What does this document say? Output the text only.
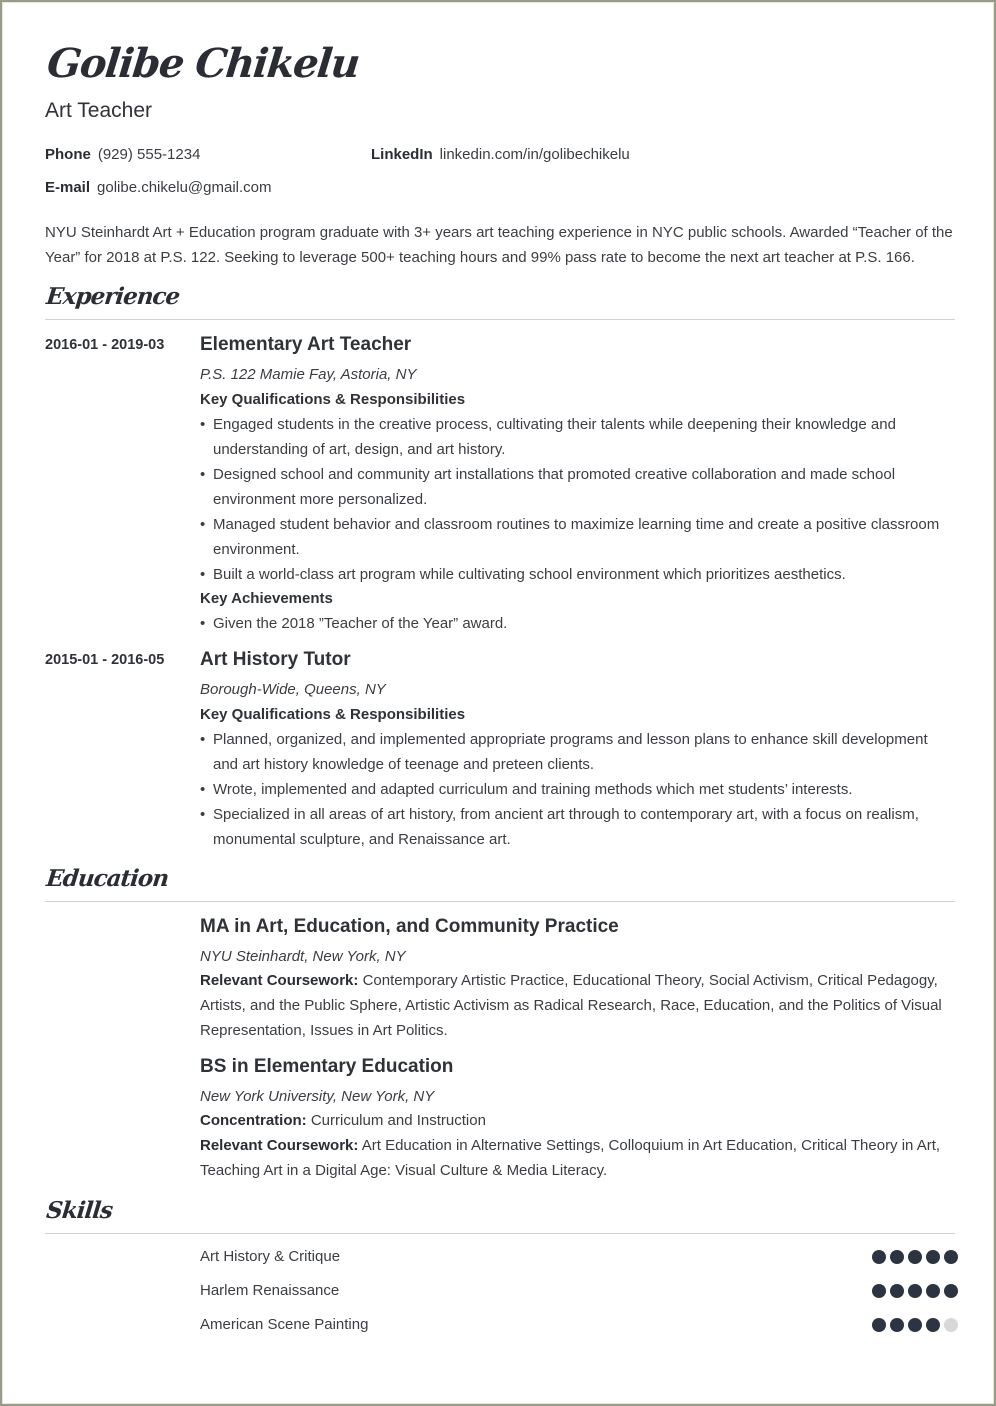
Golibe Chikelu
Art Teacher
Phone (929) 555-1234	LinkedIn linkedin.com/in/golibechikelu
E-mail golibe.chikelu@gmail.com
NYU Steinhardt Art + Education program graduate with 3+ years art teaching experience in NYC public schools. Awarded “Teacher of the Year” for 2018 at P.S. 122. Seeking to leverage 500+ teaching hours and 99% pass rate to become the next art teacher at P.S. 166.
Experience
2016-01 - 2019-03 Elementary Art Teacher
P.S. 122 Mamie Fay, Astoria, NY
Key Qualifications & Responsibilities
• Engaged students in the creative process, cultivating their talents while deepening their knowledge and understanding of art, design, and art history.
• Designed school and community art installations that promoted creative collaboration and made school environment more personalized.
• Managed student behavior and classroom routines to maximize learning time and create a positive classroom environment.
• Built a world-class art program while cultivating school environment which prioritizes aesthetics.
Key Achievements
• Given the 2018 ”Teacher of the Year” award.
2015-01 - 2016-05 Art History Tutor
Borough-Wide, Queens, NY
Key Qualifications & Responsibilities
• Planned, organized, and implemented appropriate programs and lesson plans to enhance skill development and art history knowledge of teenage and preteen clients.
• Wrote, implemented and adapted curriculum and training methods which met students’ interests.
• Specialized in all areas of art history, from ancient art through to contemporary art, with a focus on realism, monumental sculpture, and Renaissance art.
Education
MA in Art, Education, and Community Practice
NYU Steinhardt, New York, NY
Relevant Coursework: Contemporary Artistic Practice, Educational Theory, Social Activism, Critical Pedagogy, Artists, and the Public Sphere, Artistic Activism as Radical Research, Race, Education, and the Politics of Visual Representation, Issues in Art Politics.
BS in Elementary Education
New York University, New York, NY
Concentration: Curriculum and Instruction
Relevant Coursework: Art Education in Alternative Settings, Colloquium in Art Education, Critical Theory in Art, Teaching Art in a Digital Age: Visual Culture & Media Literacy.
Skills
Art History & Critique
Harlem Renaissance
American Scene Painting
